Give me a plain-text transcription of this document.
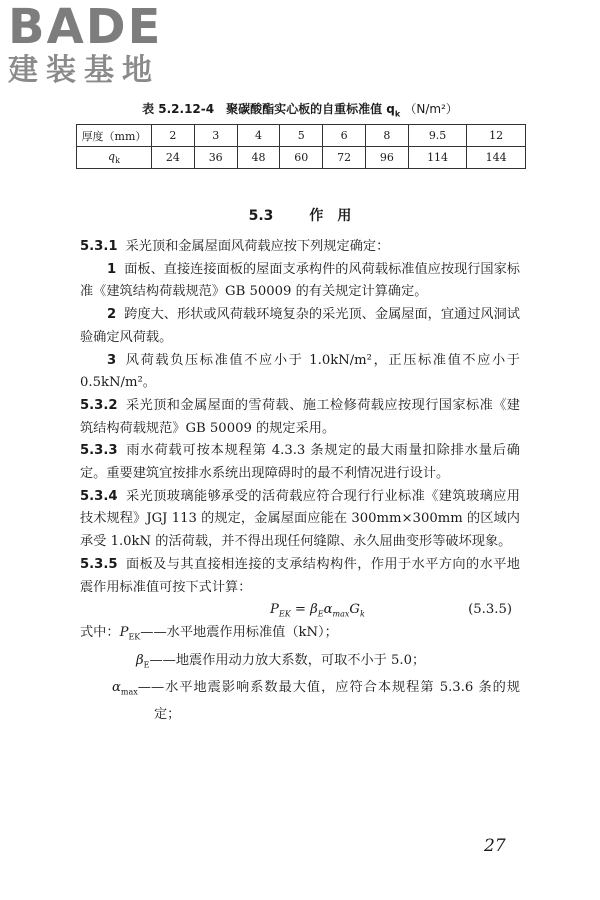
BADE
建装基地
表 5.2.12-4　聚碳酸酯实心板的自重标准值 $q_k$ （N/m²）
厚度（mm）	2	3	4	5	6	8	9.5	12
$q_k$	24	36	48	60	72	96	114	144
5.3	作　用

5.3.1 采光顶和金属屋面风荷载应按下列规定确定：

1 面板、直接连接面板的屋面支承构件的风荷载标准值应按现行国家标准《建筑结构荷载规范》GB 50009 的有关规定计算确定。

2 跨度大、形状或风荷载环境复杂的采光顶、金属屋面，宜通过风洞试验确定风荷载。

3 风荷载负压标准值不应小于 1.0kN/m²，正压标准值不应小于 0.5kN/m²。

5.3.2 采光顶和金属屋面的雪荷载、施工检修荷载应按现行国家标准《建筑结构荷载规范》GB 50009 的规定采用。

5.3.3 雨水荷载可按本规程第 4.3.3 条规定的最大雨量扣除排水量后确定。重要建筑宜按排水系统出现障碍时的最不利情况进行设计。

5.3.4 采光顶玻璃能够承受的活荷载应符合现行行业标准《建筑玻璃应用技术规程》JGJ 113 的规定，金属屋面应能在 300mm×300mm 的区域内承受 1.0kN 的活荷载，并不得出现任何缝隙、永久屈曲变形等破坏现象。

5.3.5 面板及与其直接相连接的支承结构构件，作用于水平方向的水平地震作用标准值可按下式计算：

$P_{EK} = \beta_E\alpha_{max}G_k$	(5.3.5)

式中：$P_{EK}——$水平地震作用标准值（kN）；

$\beta_E——$地震作用动力放大系数，可取不小于 5.0；

$\alpha_{max}——$水平地震影响系数最大值，应符合本规程第 5.3.6 条的规定；

27
